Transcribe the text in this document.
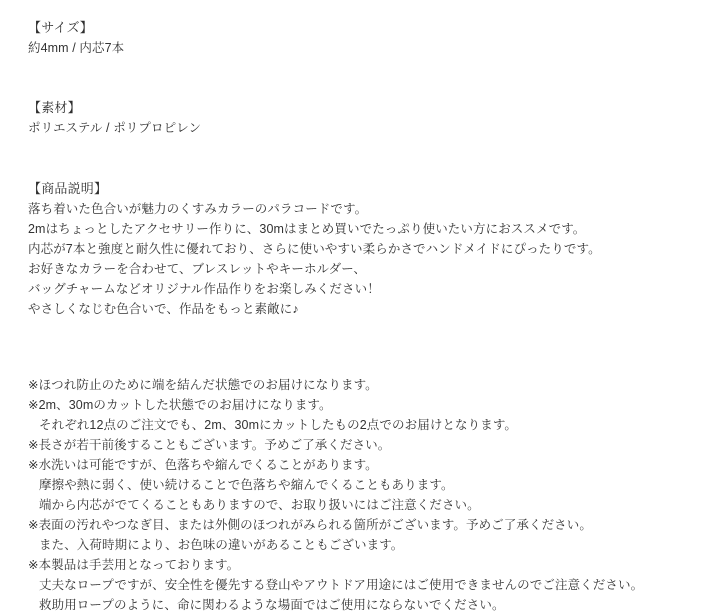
【サイズ】

約4mm / 内芯7本

【素材】

ポリエステル / ポリプロピレン

【商品説明】

落ち着いた色合いが魅力のくすみカラーのパラコードです。

2mはちょっとしたアクセサリー作りに、30mはまとめ買いでたっぷり使いたい方におススメです。

内芯が7本と強度と耐久性に優れており、さらに使いやすい柔らかさでハンドメイドにぴったりです。

お好きなカラーを合わせて、ブレスレットやキーホルダー、

バッグチャームなどオリジナル作品作りをお楽しみください！

やさしくなじむ色合いで、作品をもっと素敵に♪

※ほつれ防止のために端を結んだ状態でのお届けになります。

※2m、30mのカットした状態でのお届けになります。

それぞれ12点のご注文でも、2m、30mにカットしたもの2点でのお届けとなります。

※長さが若干前後することもございます。予めご了承ください。

※水洗いは可能ですが、色落ちや縮んでくることがあります。

摩擦や熱に弱く、使い続けることで色落ちや縮んでくることもあります。

端から内芯がでてくることもありますので、お取り扱いにはご注意ください。

※表面の汚れやつなぎ目、または外側のほつれがみられる箇所がございます。予めご了承ください。

また、入荷時期により、お色味の違いがあることもございます。

※本製品は手芸用となっております。

丈夫なロープですが、安全性を優先する登山やアウトドア用途にはご使用できませんのでご注意ください。

救助用ロープのように、命に関わるような場面ではご使用にならないでください。
